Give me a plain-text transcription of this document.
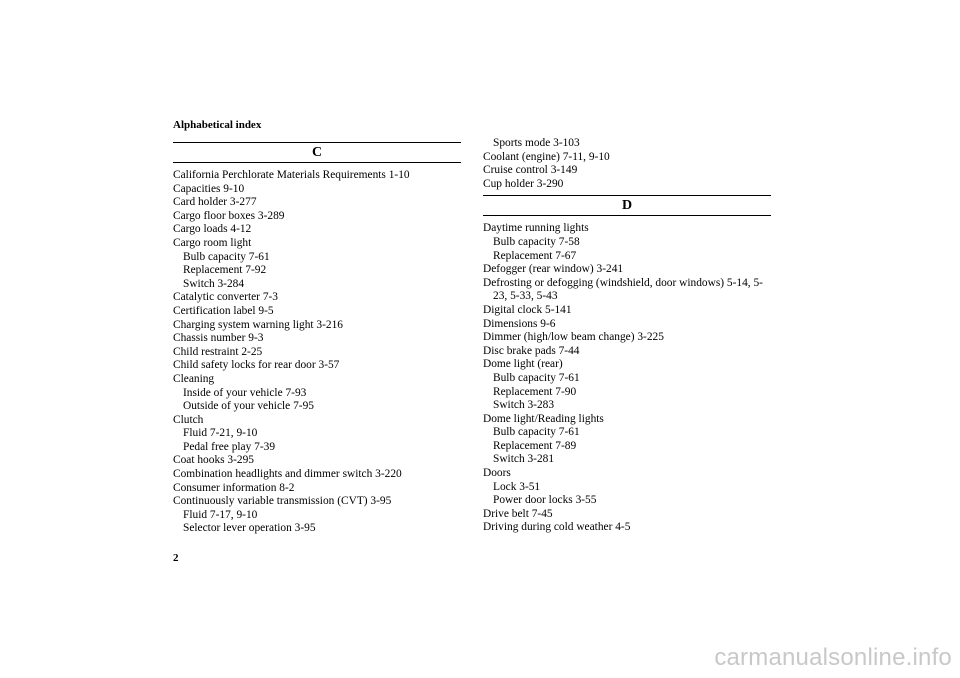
Alphabetical index
C
California Perchlorate Materials Requirements 1-10
Capacities 9-10
Card holder 3-277
Cargo floor boxes 3-289
Cargo loads 4-12
Cargo room light
Bulb capacity 7-61
Replacement 7-92
Switch 3-284
Catalytic converter 7-3
Certification label 9-5
Charging system warning light 3-216
Chassis number 9-3
Child restraint 2-25
Child safety locks for rear door 3-57
Cleaning
Inside of your vehicle 7-93
Outside of your vehicle 7-95
Clutch
Fluid 7-21, 9-10
Pedal free play 7-39
Coat hooks 3-295
Combination headlights and dimmer switch 3-220
Consumer information 8-2
Continuously variable transmission (CVT) 3-95
Fluid 7-17, 9-10
Selector lever operation 3-95
Sports mode 3-103
Coolant (engine) 7-11, 9-10
Cruise control 3-149
Cup holder 3-290
D
Daytime running lights
Bulb capacity 7-58
Replacement 7-67
Defogger (rear window) 3-241
Defrosting or defogging (windshield, door windows) 5-14, 5-23, 5-33, 5-43
Digital clock 5-141
Dimensions 9-6
Dimmer (high/low beam change) 3-225
Disc brake pads 7-44
Dome light (rear)
Bulb capacity 7-61
Replacement 7-90
Switch 3-283
Dome light/Reading lights
Bulb capacity 7-61
Replacement 7-89
Switch 3-281
Doors
Lock 3-51
Power door locks 3-55
Drive belt 7-45
Driving during cold weather 4-5
2
carmanualsonline.info
